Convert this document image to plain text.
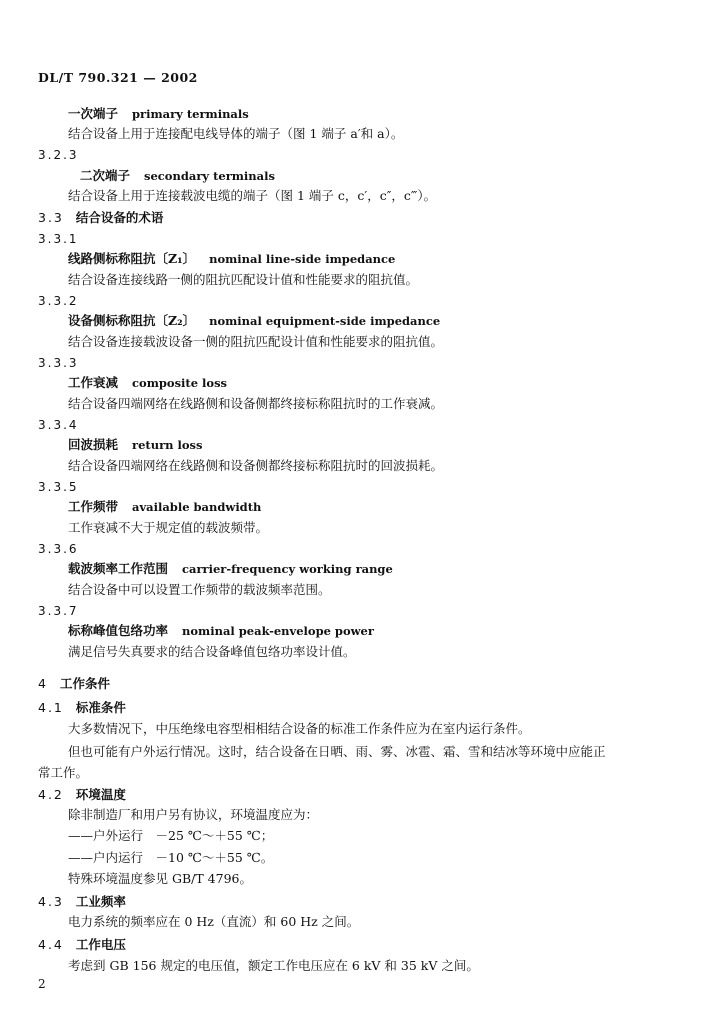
DL/T 790.321 — 2002
一次端子 primary terminals
结合设备上用于连接配电线导体的端子（图 1 端子 a′和 a）。
3.2.3
二次端子 secondary terminals
结合设备上用于连接载波电缆的端子（图 1 端子 c，c′，c″，c‴）。
3.3 结合设备的术语
3.3.1
线路侧标称阻抗〔Z₁〕 nominal line-side impedance
结合设备连接线路一侧的阻抗匹配设计值和性能要求的阻抗值。
3.3.2
设备侧标称阻抗〔Z₂〕 nominal equipment-side impedance
结合设备连接载波设备一侧的阻抗匹配设计值和性能要求的阻抗值。
3.3.3
工作衰减 composite loss
结合设备四端网络在线路侧和设备侧都终接标称阻抗时的工作衰减。
3.3.4
回波损耗 return loss
结合设备四端网络在线路侧和设备侧都终接标称阻抗时的回波损耗。
3.3.5
工作频带 available bandwidth
工作衰减不大于规定值的载波频带。
3.3.6
载波频率工作范围 carrier-frequency working range
结合设备中可以设置工作频带的载波频率范围。
3.3.7
标称峰值包络功率 nominal peak-envelope power
满足信号失真要求的结合设备峰值包络功率设计值。
4 工作条件
4.1 标准条件
大多数情况下，中压绝缘电容型相相结合设备的标准工作条件应为在室内运行条件。
但也可能有户外运行情况。这时，结合设备在日晒、雨、雾、冰雹、霜、雪和结冰等环境中应能正
常工作。
4.2 环境温度
除非制造厂和用户另有协议，环境温度应为：
——户外运行　－25 ℃～＋55 ℃；
——户内运行　－10 ℃～＋55 ℃。
特殊环境温度参见 GB/T 4796。
4.3 工业频率
电力系统的频率应在 0 Hz（直流）和 60 Hz 之间。
4.4 工作电压
考虑到 GB 156 规定的电压值，额定工作电压应在 6 kV 和 35 kV 之间。
2
